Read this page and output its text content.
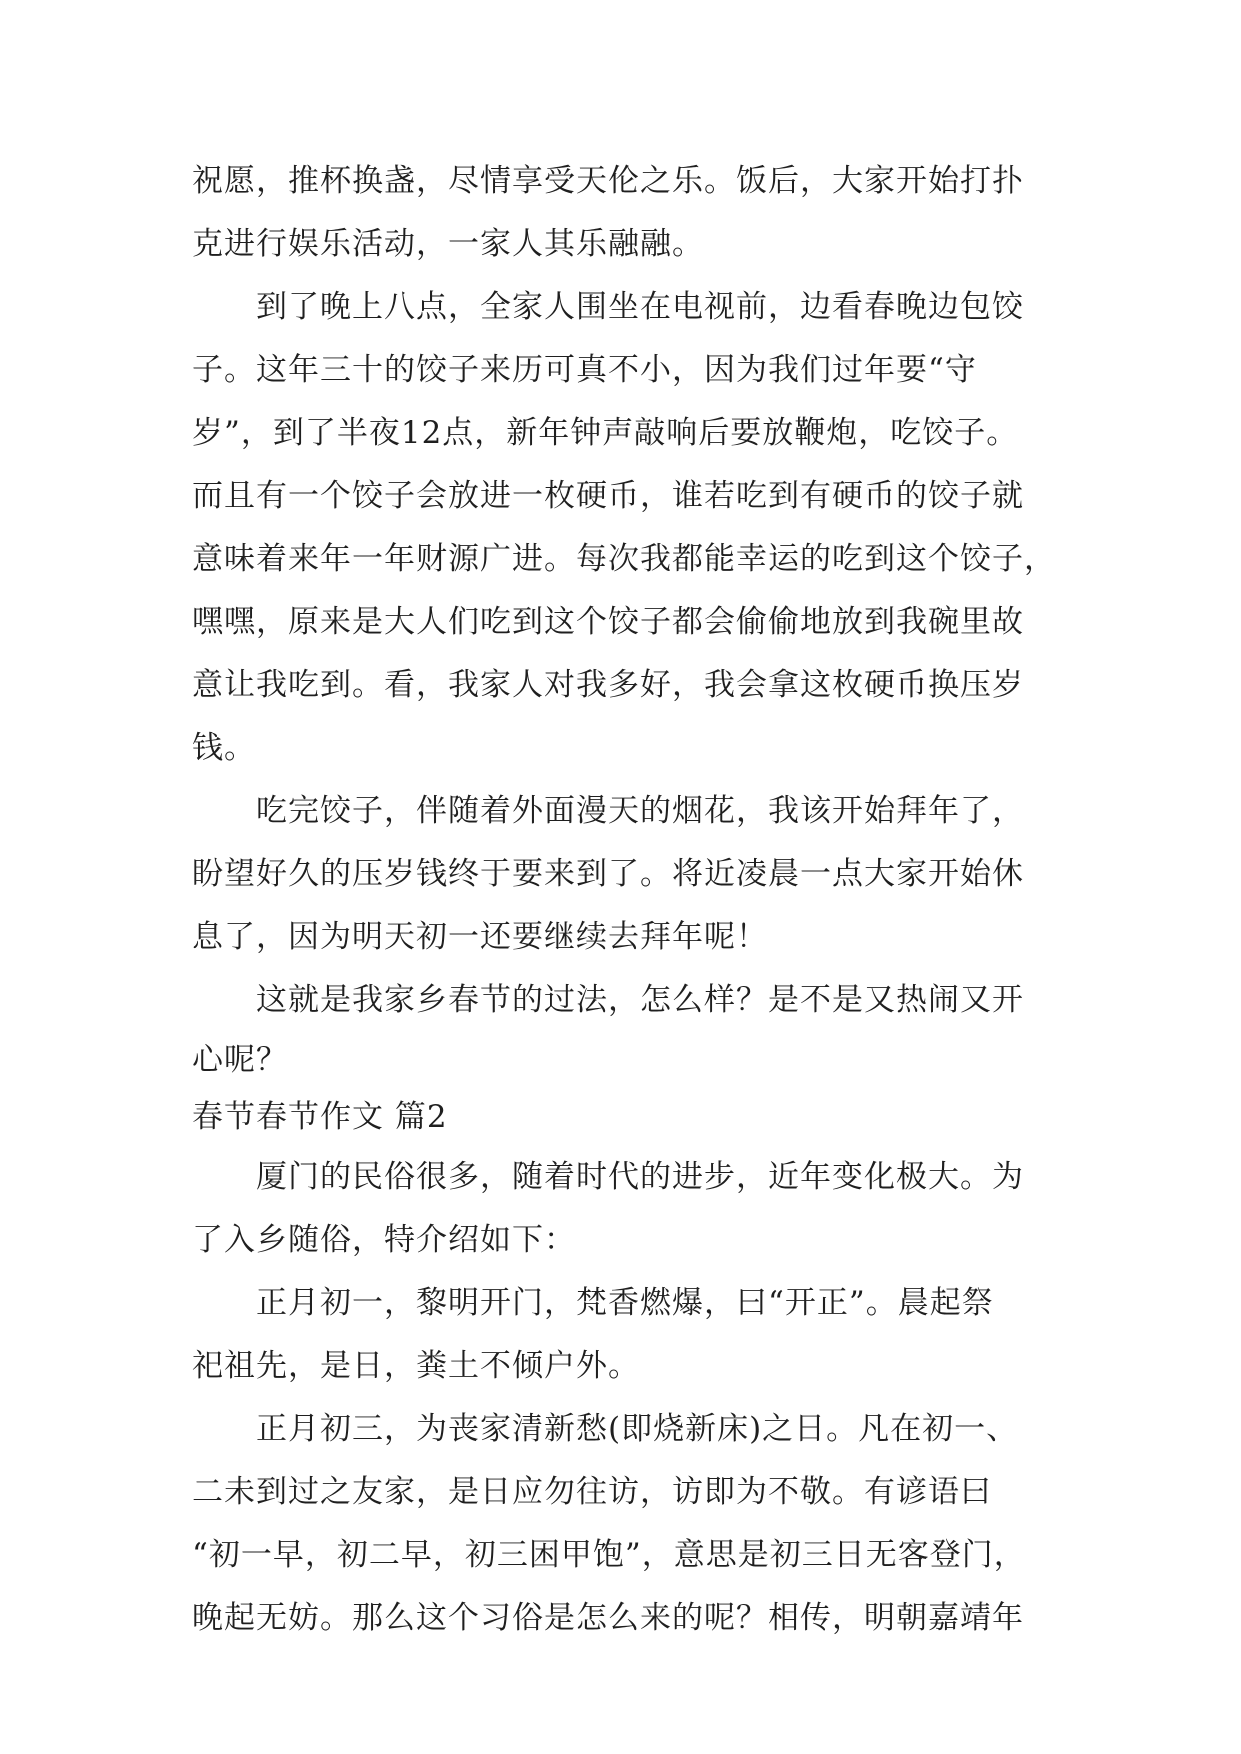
祝愿，推杯换盏，尽情享受天伦之乐。饭后，大家开始打扑
克进行娱乐活动，一家人其乐融融。
到了晚上八点，全家人围坐在电视前，边看春晚边包饺
子。这年三十的饺子来历可真不小，因为我们过年要“守
岁”，到了半夜12点，新年钟声敲响后要放鞭炮，吃饺子。
而且有一个饺子会放进一枚硬币，谁若吃到有硬币的饺子就
意味着来年一年财源广进。每次我都能幸运的吃到这个饺子，
嘿嘿，原来是大人们吃到这个饺子都会偷偷地放到我碗里故
意让我吃到。看，我家人对我多好，我会拿这枚硬币换压岁
钱。
吃完饺子，伴随着外面漫天的烟花，我该开始拜年了，
盼望好久的压岁钱终于要来到了。将近凌晨一点大家开始休
息了，因为明天初一还要继续去拜年呢！
这就是我家乡春节的过法，怎么样？是不是又热闹又开
心呢？
春节春节作文 篇2
厦门的民俗很多，随着时代的进步，近年变化极大。为
了入乡随俗，特介绍如下：
正月初一，黎明开门，梵香燃爆，曰“开正”。晨起祭
祀祖先，是日，粪土不倾户外。
正月初三，为丧家清新愁(即烧新床)之日。凡在初一、
二未到过之友家，是日应勿往访，访即为不敬。有谚语曰
“初一早，初二早，初三困甲饱”，意思是初三日无客登门，
晚起无妨。那么这个习俗是怎么来的呢？相传，明朝嘉靖年
